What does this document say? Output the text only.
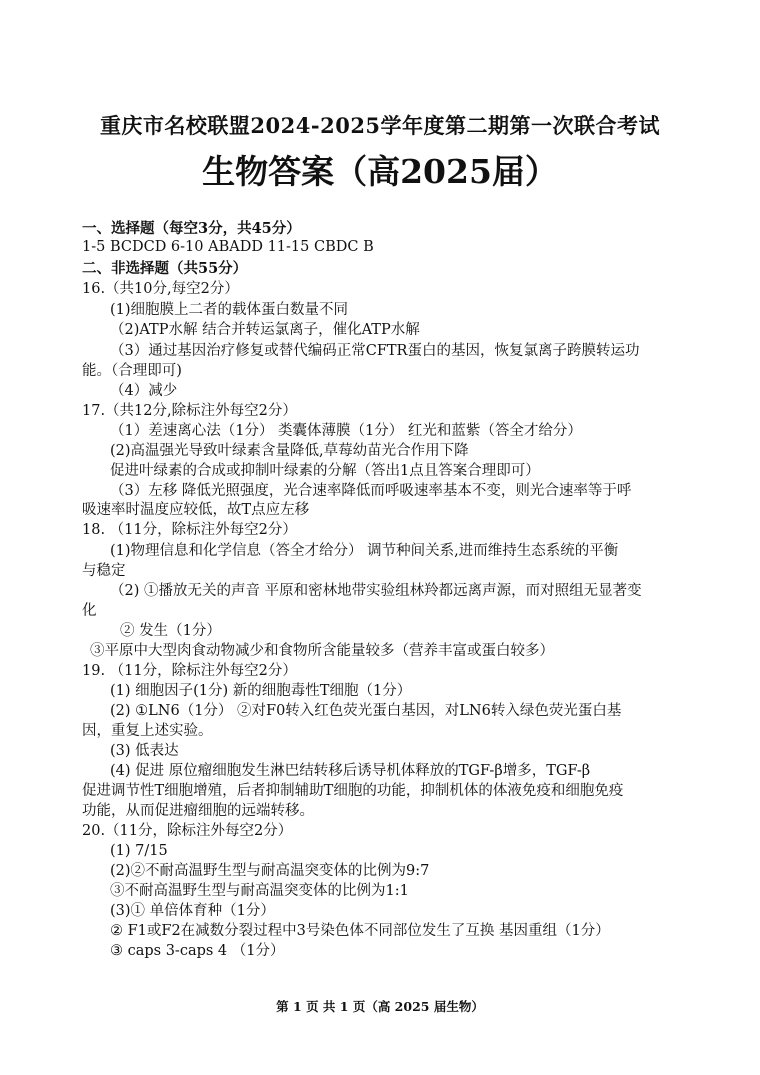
重庆市名校联盟2024-2025学年度第二期第一次联合考试
生物答案（高2025届）
一、选择题（每空3分，共45分）
1-5 BCDCD 6-10 ABADD 11-15 CBDC B
二、非选择题（共55分）
16.（共10分,每空2分）
(1)细胞膜上二者的载体蛋白数量不同
（2)ATP水解 结合并转运氯离子，催化ATP水解
（3）通过基因治疗修复或替代编码正常CFTR蛋白的基因，恢复氯离子跨膜转运功
能。（合理即可)
（4）减少
17.（共12分,除标注外每空2分）
（1）差速离心法（1分） 类囊体薄膜（1分） 红光和蓝紫（答全才给分）
(2)高温强光导致叶绿素含量降低,草莓幼苗光合作用下降
促进叶绿素的合成或抑制叶绿素的分解（答出1点且答案合理即可）
（3）左移 降低光照强度，光合速率降低而呼吸速率基本不变，则光合速率等于呼
吸速率时温度应较低，故T点应左移
18. （11分，除标注外每空2分）
(1)物理信息和化学信息（答全才给分） 调节种间关系,进而维持生态系统的平衡
与稳定
（2) ①播放无关的声音 平原和密林地带实验组林羚都远离声源，而对照组无显著变
化
② 发生（1分）
③平原中大型肉食动物减少和食物所含能量较多（营养丰富或蛋白较多）
19. （11分，除标注外每空2分）
(1) 细胞因子(1分) 新的细胞毒性T细胞（1分）
(2) ①LN6（1分） ②对F0转入红色荧光蛋白基因，对LN6转入绿色荧光蛋白基
因，重复上述实验。
(3) 低表达
(4) 促进 原位瘤细胞发生淋巴结转移后诱导机体释放的TGF-β增多，TGF-β
促进调节性T细胞增殖，后者抑制辅助T细胞的功能，抑制机体的体液免疫和细胞免疫
功能，从而促进瘤细胞的远端转移。
20.（11分，除标注外每空2分）
(1) 7/15
(2)②不耐高温野生型与耐高温突变体的比例为9:7
③不耐高温野生型与耐高温突变体的比例为1:1
(3)① 单倍体育种（1分）
② F1或F2在减数分裂过程中3号染色体不同部位发生了互换 基因重组（1分）
③ caps 3-caps 4 （1分）
第 1 页 共 1 页（高 2025 届生物）
